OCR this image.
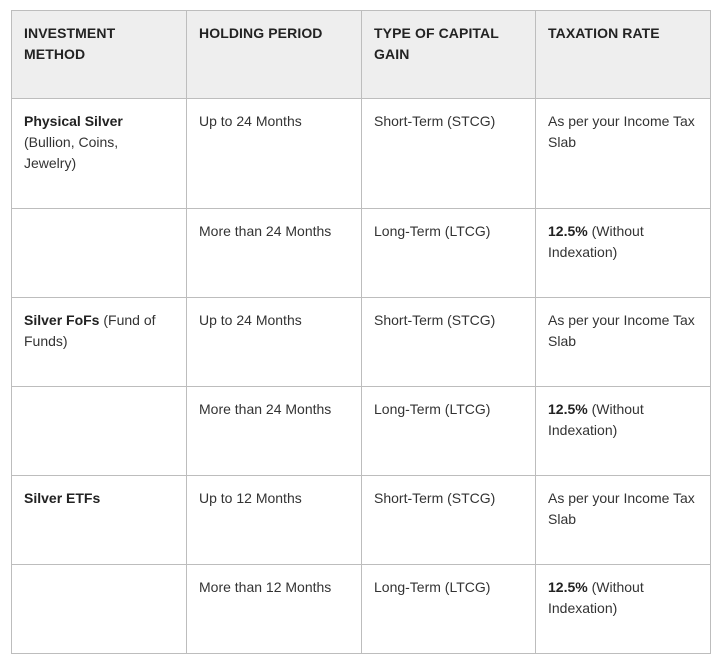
INVESTMENT METHOD	HOLDING PERIOD	TYPE OF CAPITAL GAIN	TAXATION RATE
Physical Silver (Bullion, Coins, Jewelry)	Up to 24 Months	Short-Term (STCG)	As per your Income Tax Slab
	More than 24 Months	Long-Term (LTCG)	12.5% (Without Indexation)
Silver FoFs (Fund of Funds)	Up to 24 Months	Short-Term (STCG)	As per your Income Tax Slab
	More than 24 Months	Long-Term (LTCG)	12.5% (Without Indexation)
Silver ETFs	Up to 12 Months	Short-Term (STCG)	As per your Income Tax Slab
	More than 12 Months	Long-Term (LTCG)	12.5% (Without Indexation)
